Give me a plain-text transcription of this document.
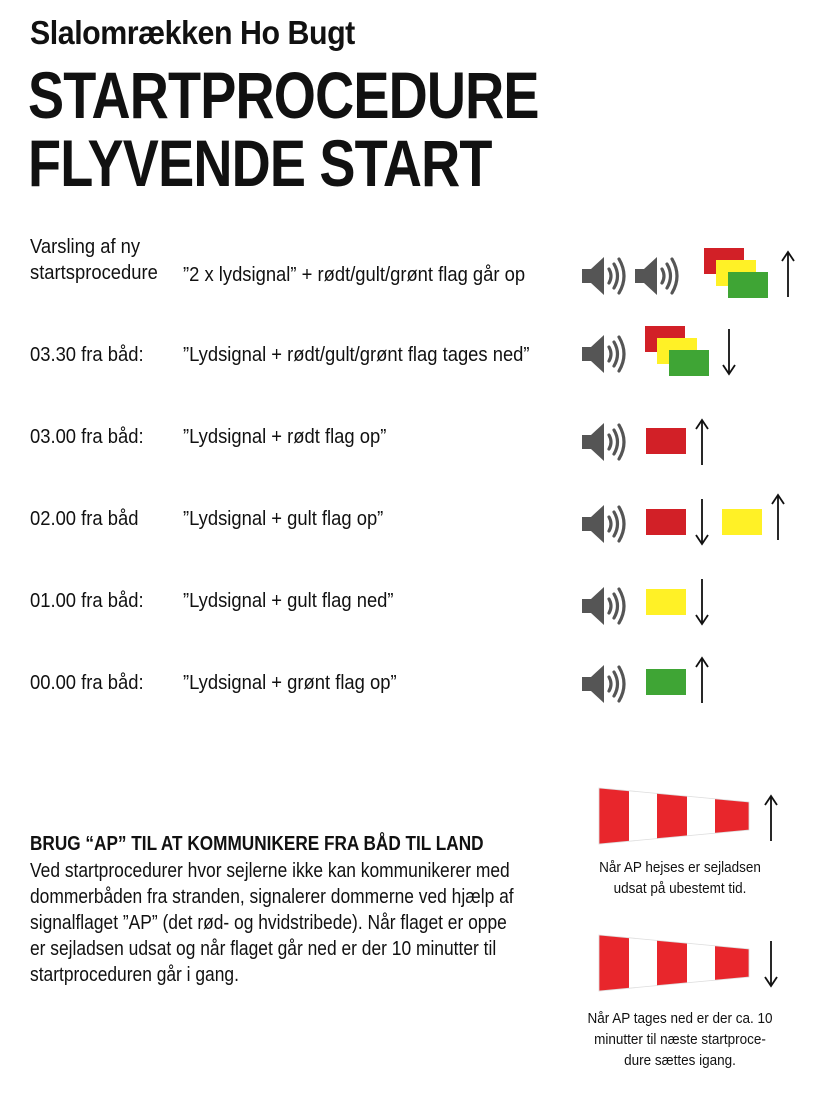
Slalomrækken Ho Bugt
STARTPROCEDURE
FLYVENDE START
Varsling af ny
startsprocedure ”2 x lydsignal” + rødt/gult/grønt flag går op
03.30 fra båd: ”Lydsignal + rødt/gult/grønt flag tages ned”
03.00 fra båd: ”Lydsignal + rødt flag op”
02.00 fra båd ”Lydsignal + gult flag op”
01.00 fra båd: ”Lydsignal + gult flag ned”
00.00 fra båd: ”Lydsignal + grønt flag op”
BRUG “AP” TIL AT KOMMUNIKERE FRA BÅD TIL LAND

Ved startprocedurer hvor sejlerne ikke kan kommunikerer med dommerbåden fra stranden, signalerer dommerne ved hjælp af signalflaget ”AP” (det rød- og hvidstribede). Når flaget er oppe er sejladsen udsat og når flaget går ned er der 10 minutter til startproceduren går i gang.

Når AP hejses er sejladsen
udsat på ubestemt tid.
Når AP tages ned er der ca. 10
minutter til næste startproce-
dure sættes igang.
